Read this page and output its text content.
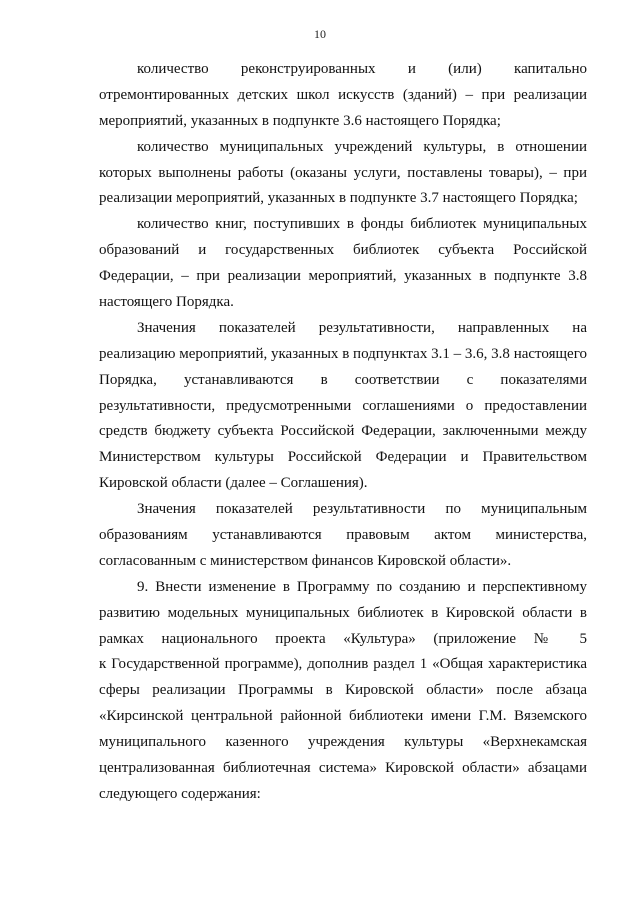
10
количество реконструированных и (или) капитально
отремонтированных детских школ искусств (зданий) – при реализации
мероприятий, указанных в подпункте 3.6 настоящего Порядка;
количество муниципальных учреждений культуры, в отношении
которых выполнены работы (оказаны услуги, поставлены товары), – при
реализации мероприятий, указанных в подпункте 3.7 настоящего Порядка;
количество книг, поступивших в фонды библиотек муниципальных
образований и государственных библиотек субъекта Российской
Федерации, – при реализации мероприятий, указанных в подпункте 3.8
настоящего Порядка.
Значения показателей результативности, направленных на
реализацию мероприятий, указанных в подпунктах 3.1 – 3.6, 3.8 настоящего
Порядка, устанавливаются в соответствии с показателями
результативности, предусмотренными соглашениями о предоставлении
средств бюджету субъекта Российской Федерации, заключенными между
Министерством культуры Российской Федерации и Правительством
Кировской области (далее – Соглашения).
Значения показателей результативности по муниципальным
образованиям устанавливаются правовым актом министерства,
согласованным с министерством финансов Кировской области».
9. Внести изменение в Программу по созданию и перспективному
развитию модельных муниципальных библиотек в Кировской области в
рамках национального проекта «Культура» (приложение № 5
к Государственной программе), дополнив раздел 1 «Общая характеристика
сферы реализации Программы в Кировской области» после абзаца
«Кирсинской центральной районной библиотеки имени Г.М. Вяземского
муниципального казенного учреждения культуры «Верхнекамская
централизованная библиотечная система» Кировской области» абзацами
следующего содержания:
